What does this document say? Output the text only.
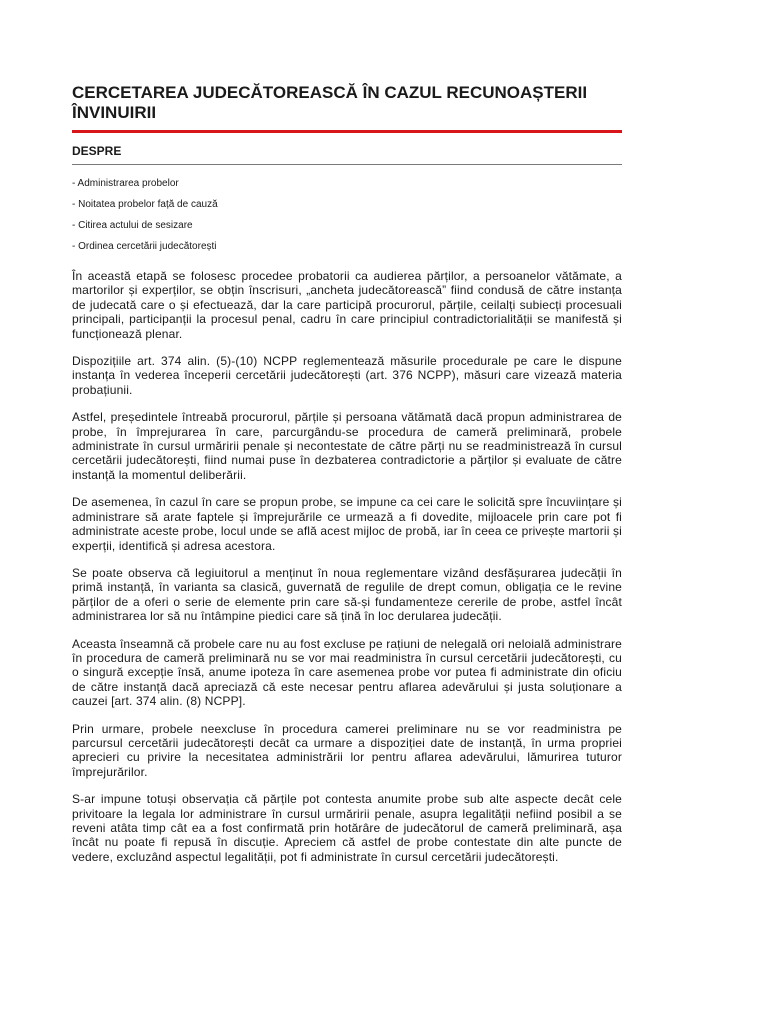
CERCETAREA JUDECĂTOREASCĂ ÎN CAZUL RECUNOAȘTERII ÎNVINUIRII
DESPRE
- Administrarea probelor
- Noitatea probelor față de cauză
- Citirea actului de sesizare
- Ordinea cercetării judecătorești

În această etapă se folosesc procedee probatorii ca audierea părților, a persoanelor vătămate, a martorilor și experților, se obțin înscrisuri, „ancheta judecătorească” fiind condusă de către instanța de judecată care o și efectuează, dar la care participă procurorul, părțile, ceilalți subiecți procesuali principali, participanții la procesul penal, cadru în care principiul contradictorialității se manifestă și funcționează plenar.

Dispozițiile art. 374 alin. (5)-(10) NCPP reglementează măsurile procedurale pe care le dispune instanța în vederea începerii cercetării judecătorești (art. 376 NCPP), măsuri care vizează materia probațiunii.

Astfel, președintele întreabă procurorul, părțile și persoana vătămată dacă propun administrarea de probe, în împrejurarea în care, parcurgându-se procedura de cameră preliminară, probele administrate în cursul urmăririi penale și necontestate de către părți nu se readministrează în cursul cercetării judecătorești, fiind numai puse în dezbaterea contradictorie a părților și evaluate de către instanță la momentul deliberării.

De asemenea, în cazul în care se propun probe, se impune ca cei care le solicită spre încuviințare și administrare să arate faptele și împrejurările ce urmează a fi dovedite, mijloacele prin care pot fi administrate aceste probe, locul unde se află acest mijloc de probă, iar în ceea ce privește martorii și experții, identifică și adresa acestora.

Se poate observa că legiuitorul a menținut în noua reglementare vizând desfășurarea judecății în primă instanță, în varianta sa clasică, guvernată de regulile de drept comun, obligația ce le revine părților de a oferi o serie de elemente prin care să-și fundamenteze cererile de probe, astfel încât administrarea lor să nu întâmpine piedici care să țină în loc derularea judecății.

Aceasta înseamnă că probele care nu au fost excluse pe rațiuni de nelegală ori neloială administrare în procedura de cameră preliminară nu se vor mai readministra în cursul cercetării judecătorești, cu o singură excepție însă, anume ipoteza în care asemenea probe vor putea fi administrate din oficiu de către instanță dacă apreciază că este necesar pentru aflarea adevărului și justa soluționare a cauzei [art. 374 alin. (8) NCPP].

Prin urmare, probele neexcluse în procedura camerei preliminare nu se vor readministra pe parcursul cercetării judecătorești decât ca urmare a dispoziției date de instanță, în urma propriei aprecieri cu privire la necesitatea administrării lor pentru aflarea adevărului, lămurirea tuturor împrejurărilor.

S-ar impune totuși observația că părțile pot contesta anumite probe sub alte aspecte decât cele privitoare la legala lor administrare în cursul urmăririi penale, asupra legalității nefiind posibil a se reveni atâta timp cât ea a fost confirmată prin hotărâre de judecătorul de cameră preliminară, așa încât nu poate fi repusă în discuție. Apreciem că astfel de probe contestate din alte puncte de vedere, excluzând aspectul legalității, pot fi administrate în cursul cercetării judecătorești.
